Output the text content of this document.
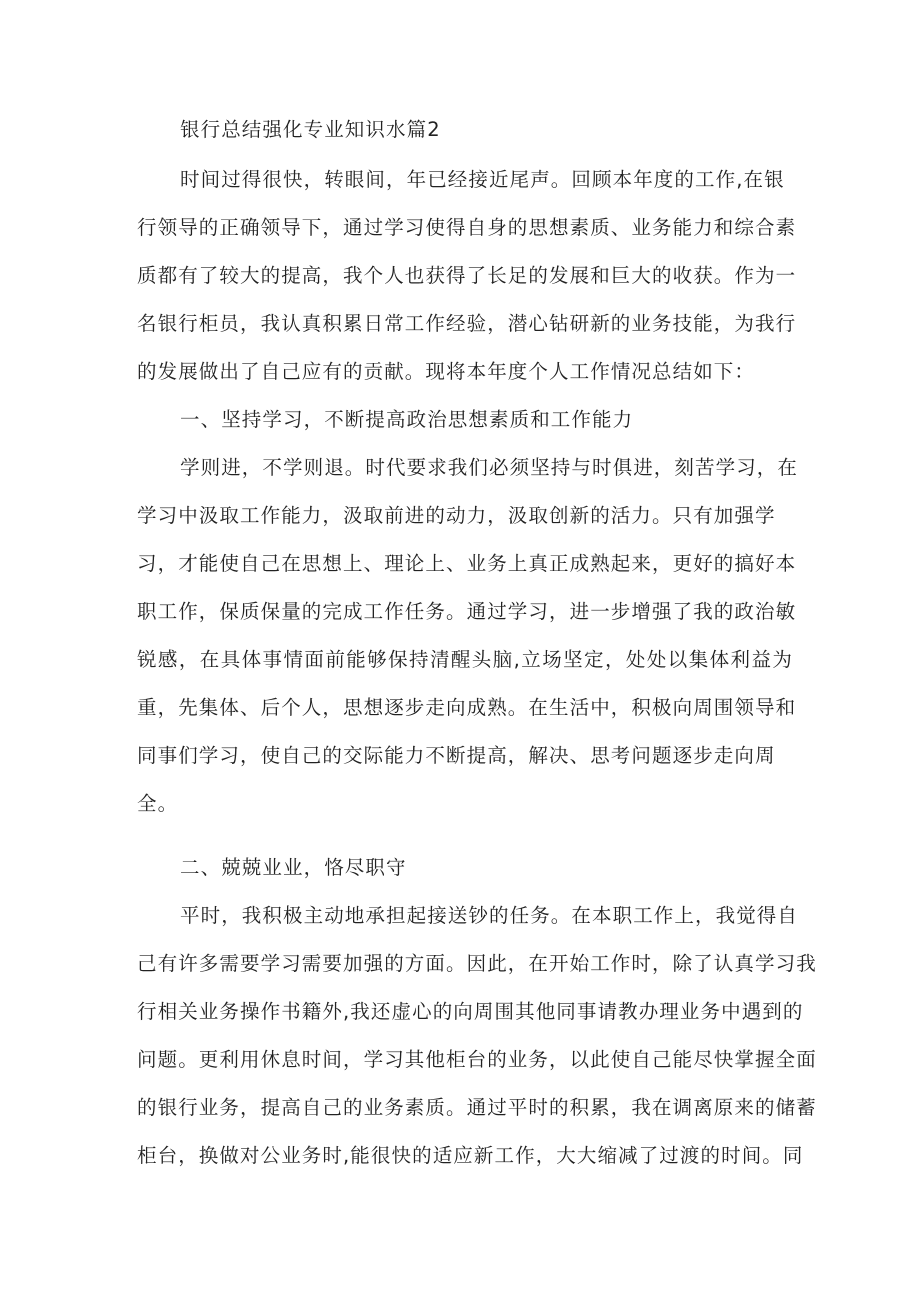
银行总结强化专业知识水篇2
时间过得很快，转眼间，年已经接近尾声。回顾本年度的工作,在银
行领导的正确领导下，通过学习使得自身的思想素质、业务能力和综合素
质都有了较大的提高，我个人也获得了长足的发展和巨大的收获。作为一
名银行柜员，我认真积累日常工作经验，潜心钻研新的业务技能，为我行
的发展做出了自己应有的贡献。现将本年度个人工作情况总结如下：
一、坚持学习，不断提高政治思想素质和工作能力
学则进，不学则退。时代要求我们必须坚持与时俱进，刻苦学习，在
学习中汲取工作能力，汲取前进的动力，汲取创新的活力。只有加强学
习，才能使自己在思想上、理论上、业务上真正成熟起来，更好的搞好本
职工作，保质保量的完成工作任务。通过学习，进一步增强了我的政治敏
锐感，在具体事情面前能够保持清醒头脑,立场坚定，处处以集体利益为
重，先集体、后个人，思想逐步走向成熟。在生活中，积极向周围领导和
同事们学习，使自己的交际能力不断提高，解决、思考问题逐步走向周
全。
二、兢兢业业，恪尽职守
平时，我积极主动地承担起接送钞的任务。在本职工作上，我觉得自
己有许多需要学习需要加强的方面。因此，在开始工作时，除了认真学习我
行相关业务操作书籍外,我还虚心的向周围其他同事请教办理业务中遇到的
问题。更利用休息时间，学习其他柜台的业务，以此使自己能尽快掌握全面
的银行业务，提高自己的业务素质。通过平时的积累，我在调离原来的储蓄
柜台，换做对公业务时,能很快的适应新工作，大大缩减了过渡的时间。同
